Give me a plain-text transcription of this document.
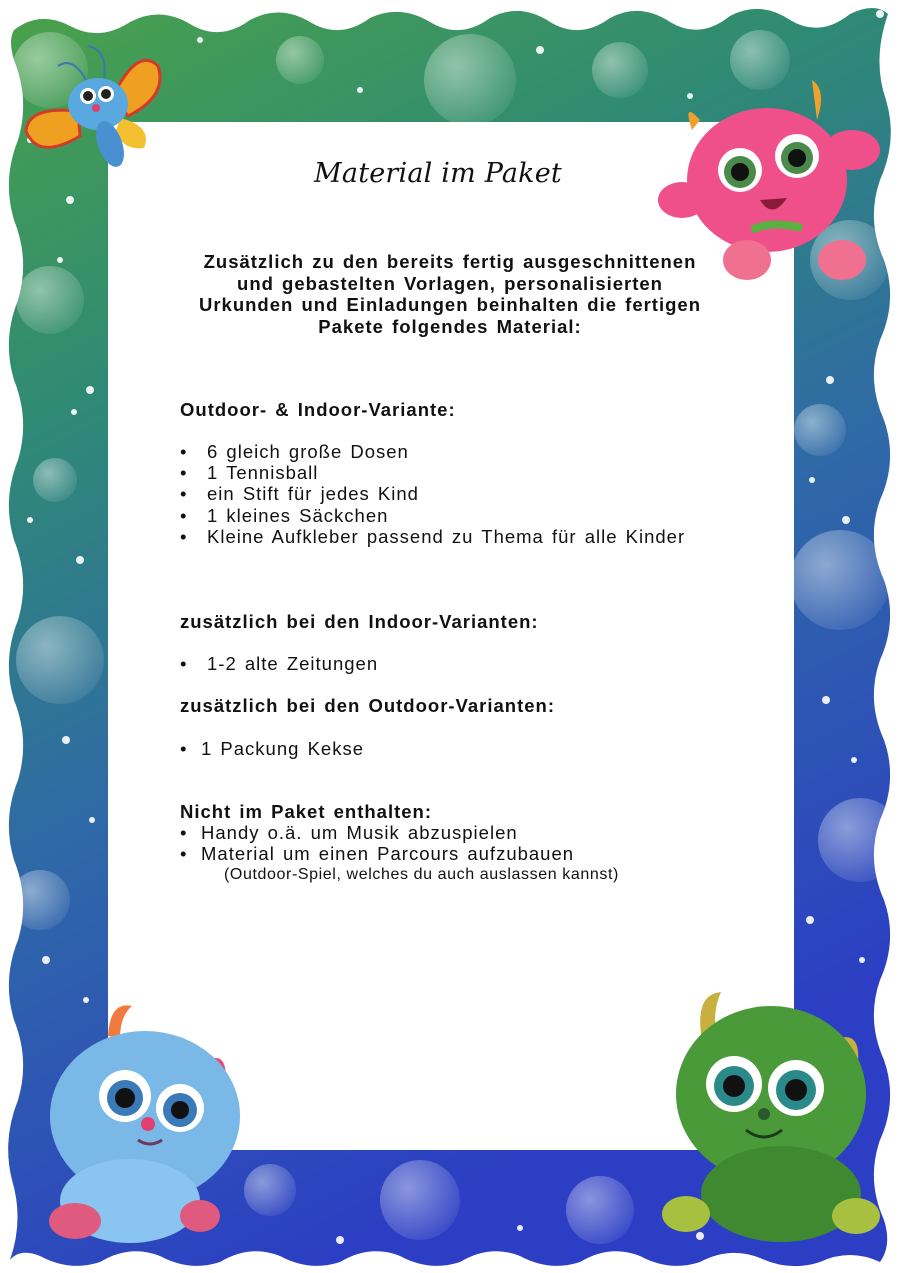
Material im Paket
Zusätzlich zu den bereits fertig ausgeschnittenen und gebastelten Vorlagen, personalisierten Urkunden und Einladungen beinhalten die fertigen Pakete folgendes Material:
Outdoor- & Indoor-Variante:
• 6 gleich große Dosen
• 1 Tennisball
• ein Stift für jedes Kind
• 1 kleines Säckchen
• Kleine Aufkleber passend zu Thema für alle Kinder
zusätzlich bei den Indoor-Varianten:
• 1-2 alte Zeitungen
zusätzlich bei den Outdoor-Varianten:
• 1 Packung Kekse
Nicht im Paket enthalten:
• Handy o.ä. um Musik abzuspielen
• Material um einen Parcours aufzubauen
(Outdoor-Spiel, welches du auch auslassen kannst)
